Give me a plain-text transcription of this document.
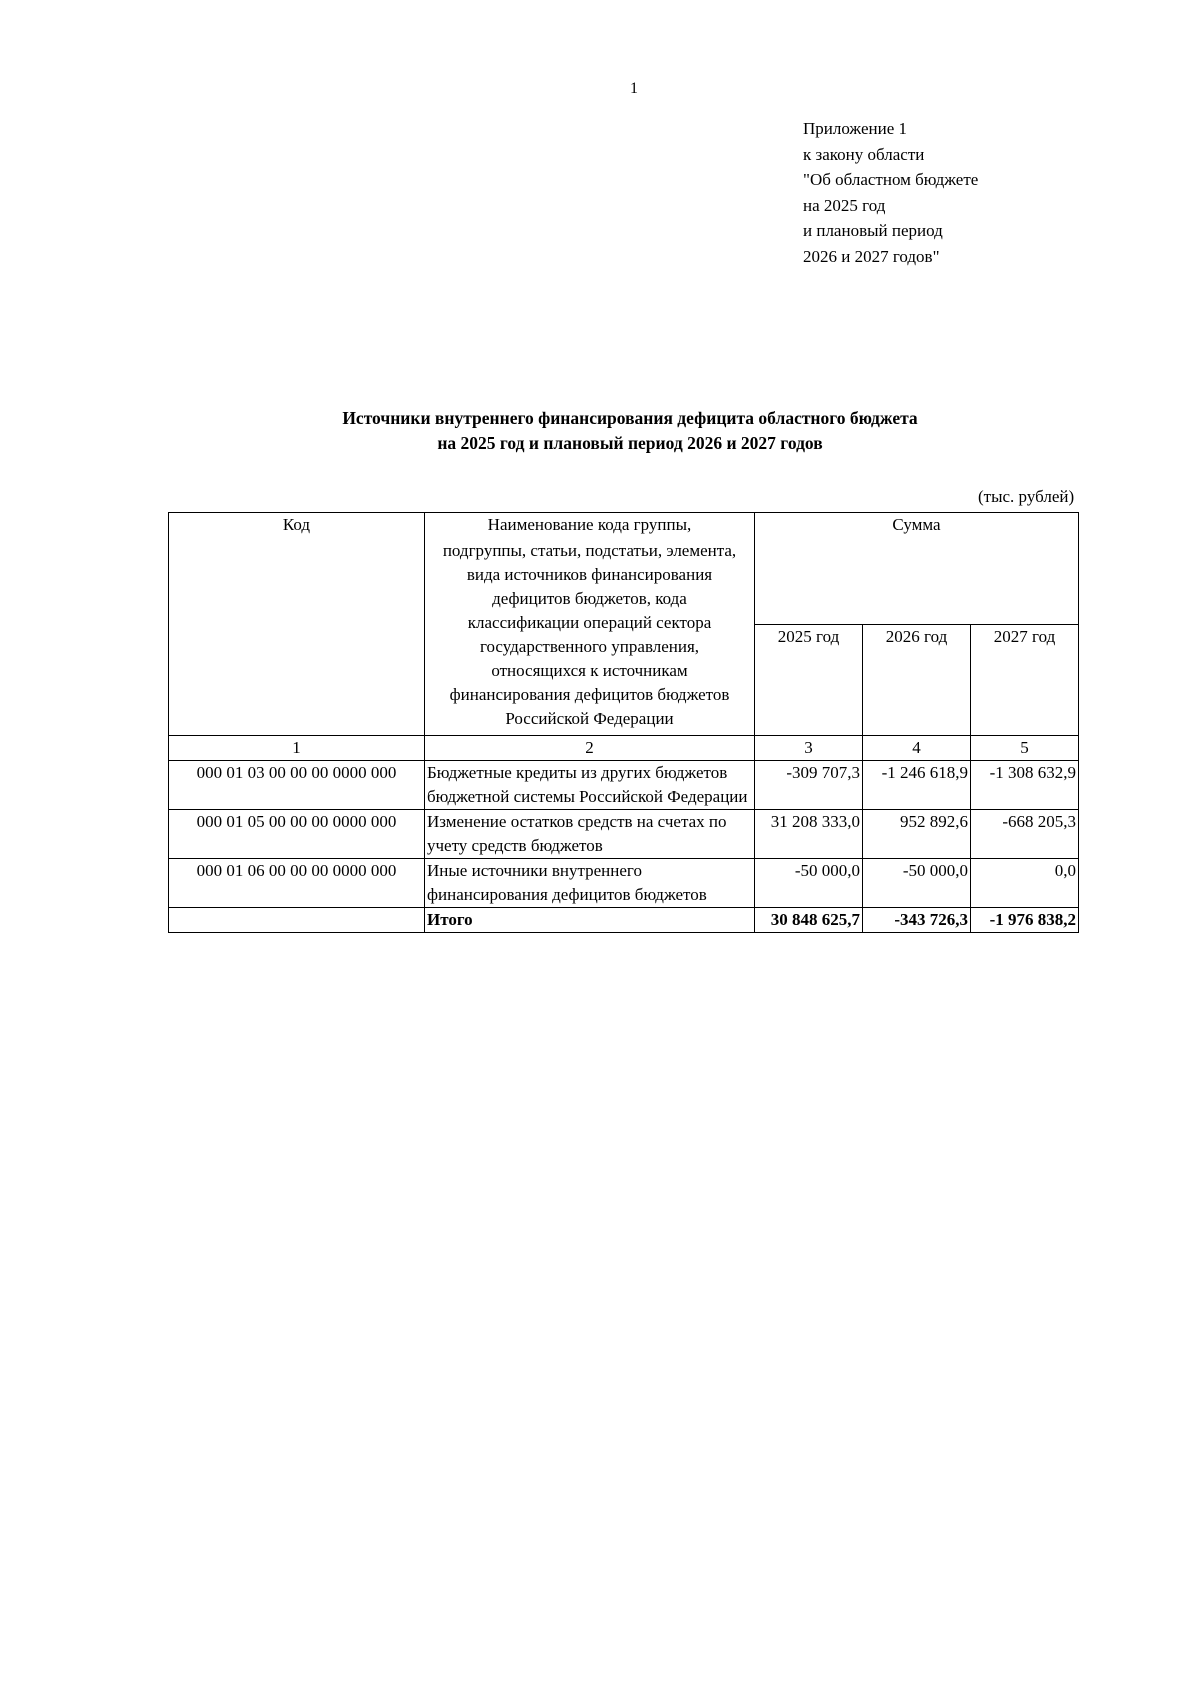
1
Приложение 1
к закону области
"Об областном бюджете
на 2025 год
и плановый период
2026 и 2027 годов"
Источники внутреннего финансирования дефицита областного бюджета
на 2025 год и плановый период 2026 и 2027 годов
(тыс. рублей)
Код	Наименование кода группы,
подгруппы, статьи, подстатьи, элемента, вида источников финансирования дефицитов бюджетов, кода классификации операций сектора государственного управления, относящихся к источникам финансирования дефицитов бюджетов Российской Федерации	Сумма		
		2025 год	2026 год	2027 год
1	2	3	4	5
000 01 03 00 00 00 0000 000	Бюджетные кредиты из других бюджетов бюджетной системы Российской Федерации	-309 707,3	-1 246 618,9	-1 308 632,9
000 01 05 00 00 00 0000 000	Изменение остатков средств на счетах по учету средств бюджетов	31 208 333,0	952 892,6	-668 205,3
000 01 06 00 00 00 0000 000	Иные источники внутреннего финансирования дефицитов бюджетов	-50 000,0	-50 000,0	0,0
	Итого	30 848 625,7	-343 726,3	-1 976 838,2
